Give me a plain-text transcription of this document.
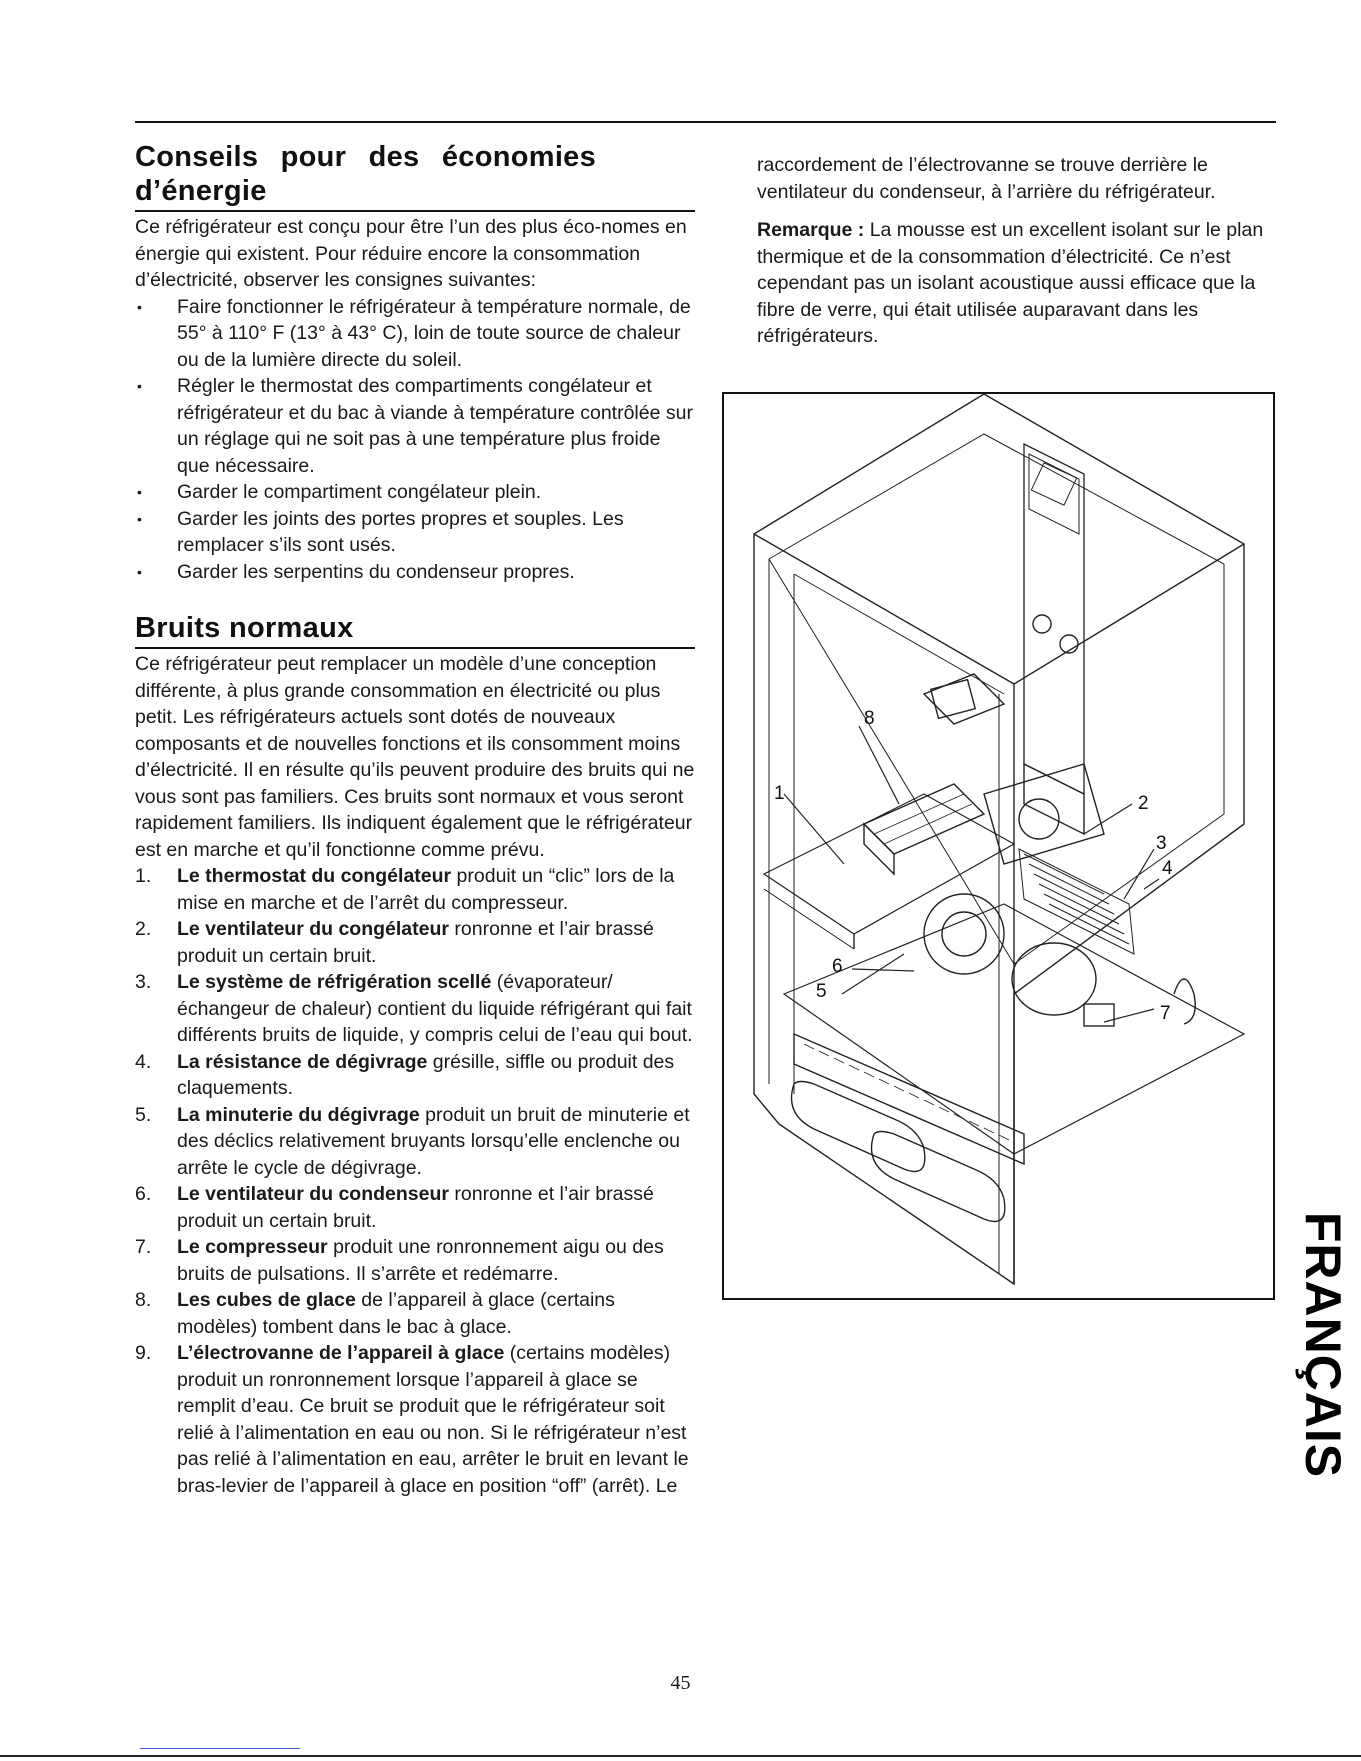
Conseils pour des économies
d’énergie

Ce réfrigérateur est conçu pour être l’un des plus éco-nomes en énergie qui existent. Pour réduire encore la consommation d’électricité, observer les consignes suivantes:

• Faire fonctionner le réfrigérateur à température normale, de 55° à 110° F (13° à 43° C), loin de toute source de chaleur ou de la lumière directe du soleil.
• Régler le thermostat des compartiments congélateur et réfrigérateur et du bac à viande à température contrôlée sur un réglage qui ne soit pas à une température plus froide que nécessaire.
• Garder le compartiment congélateur plein.
• Garder les joints des portes propres et souples. Les remplacer s’ils sont usés.
• Garder les serpentins du condenseur propres.
Bruits normaux

Ce réfrigérateur peut remplacer un modèle d’une conception différente, à plus grande consommation en électricité ou plus petit. Les réfrigérateurs actuels sont dotés de nouveaux composants et de nouvelles fonctions et ils consomment moins d’électricité. Il en résulte qu’ils peuvent produire des bruits qui ne vous sont pas familiers. Ces bruits sont normaux et vous seront rapidement familiers. Ils indiquent également que le réfrigérateur est en marche et qu’il fonctionne comme prévu.

1. Le thermostat du congélateur produit un “clic” lors de la mise en marche et de l’arrêt du compresseur.
2. Le ventilateur du congélateur ronronne et l’air brassé produit un certain bruit.
3. Le système de réfrigération scellé (évaporateur/ échangeur de chaleur) contient du liquide réfrigérant qui fait différents bruits de liquide, y compris celui de l’eau qui bout.
4. La résistance de dégivrage grésille, siffle ou produit des claquements.
5. La minuterie du dégivrage produit un bruit de minuterie et des déclics relativement bruyants lorsqu’elle enclenche ou arrête le cycle de dégivrage.
6. Le ventilateur du condenseur ronronne et l’air brassé produit un certain bruit.
7. Le compresseur produit une ronronnement aigu ou des bruits de pulsations. Il s’arrête et redémarre.
8. Les cubes de glace de l’appareil à glace (certains modèles) tombent dans le bac à glace.
9. L’électrovanne de l’appareil à glace (certains modèles) produit un ronronnement lorsque l’appareil à glace se remplit d’eau. Ce bruit se produit que le réfrigérateur soit relié à l’alimentation en eau ou non. Si le réfrigérateur n’est pas relié à l’alimentation en eau, arrêter le bruit en levant le bras-levier de l’appareil à glace en position “off” (arrêt). Le

raccordement de l’électrovanne se trouve derrière le ventilateur du condenseur, à l’arrière du réfrigérateur.

Remarque : La mousse est un excellent isolant sur le plan thermique et de la consommation d’électricité. Ce n’est cependant pas un isolant acoustique aussi efficace que la fibre de verre, qui était utilisée auparavant dans les réfrigérateurs.

1	2
3
4
5
6
7
8
FRANÇAIS
45
